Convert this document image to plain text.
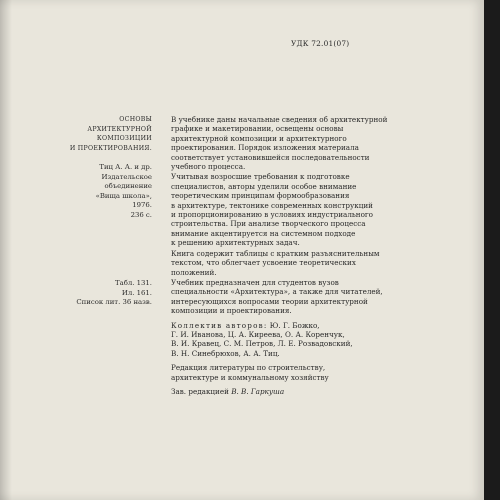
УДК 72.01(07)
ОСНОВЫ
АРХИТЕКТУРНОЙ
КОМПОЗИЦИИ
И ПРОЕКТИРОВАНИЯ.
Тиц А. А. и др.
Издательское
объединение
«Вища школа»,
1976.
236 с.
Табл. 131.
Ил. 161.
Список лит. 36 назв.
В учебнике даны начальные сведения об архитектурной
графике и макетировании, освещены основы
архитектурной композиции и архитектурного
проектирования. Порядок изложения материала
соответствует установившейся последовательности
учебного процесса.
Учитывая возросшие требования к подготовке
специалистов, авторы уделили особое внимание
теоретическим принципам формообразования
в архитектуре, тектонике современных конструкций
и пропорционированию в условиях индустриального
строительства. При анализе творческого процесса
внимание акцентируется на системном подходе
к решению архитектурных задач.
Книга содержит таблицы с кратким разъяснительным
текстом, что облегчает усвоение теоретических
положений.
Учебник предназначен для студентов вузов
специальности «Архитектура», а также для читателей,
интересующихся вопросами теории архитектурной
композиции и проектирования.
Коллектив авторов: Ю. Г. Божко,
Г. И. Иванова, Ц. А. Киреева, О. А. Коренчук,
В. И. Кравец, С. М. Петров, Л. Е. Розвадовский,
В. Н. Синебрюхов, А. А. Тиц.
Редакция литературы по строительству,
архитектуре и коммунальному хозяйству
Зав. редакцией В. В. Гаркуша
